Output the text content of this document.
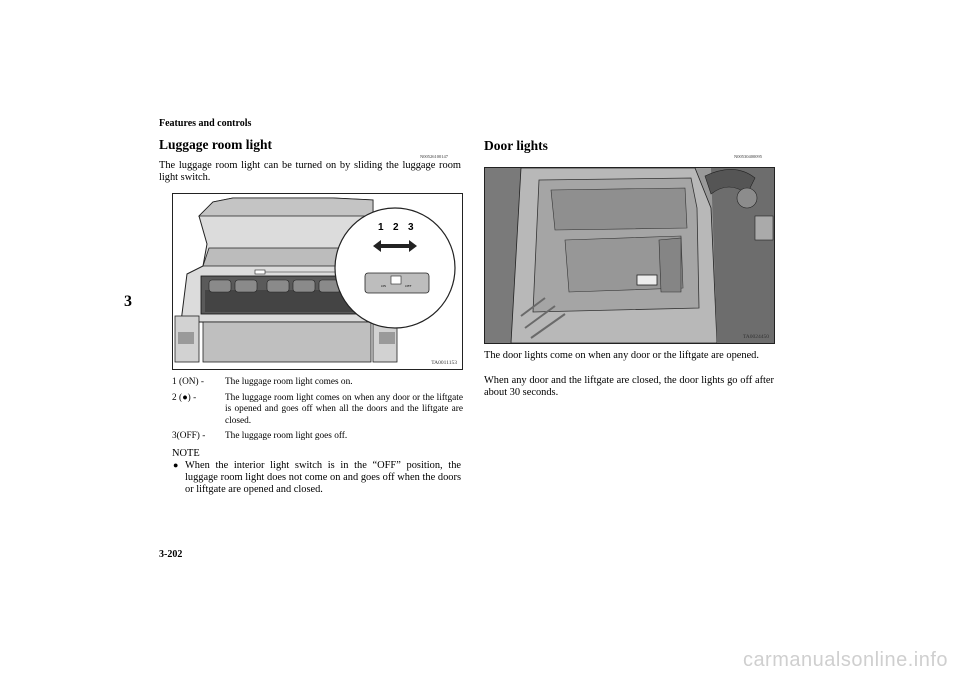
Features and controls
3
Luggage room light
N00526100147
The luggage room light can be turned on by sliding the luggage room light switch.
1 2 3
ON	OFF
TA0011153
1 (ON) -	The luggage room light comes on.
2 (●) -	The luggage room light comes on when any door or the liftgate is opened and goes off when all the doors and the liftgate are closed.
3(OFF) -	The luggage room light goes off.
NOTE
● When the interior light switch is in the “OFF” position, the luggage room light does not come on and goes off when the doors or liftgate are opened and closed.
Door lights
N00530400095
TA0024450
The door lights come on when any door or the liftgate are opened.
When any door and the liftgate are closed, the door lights go off after about 30 seconds.
3-202
carmanualsonline.info
